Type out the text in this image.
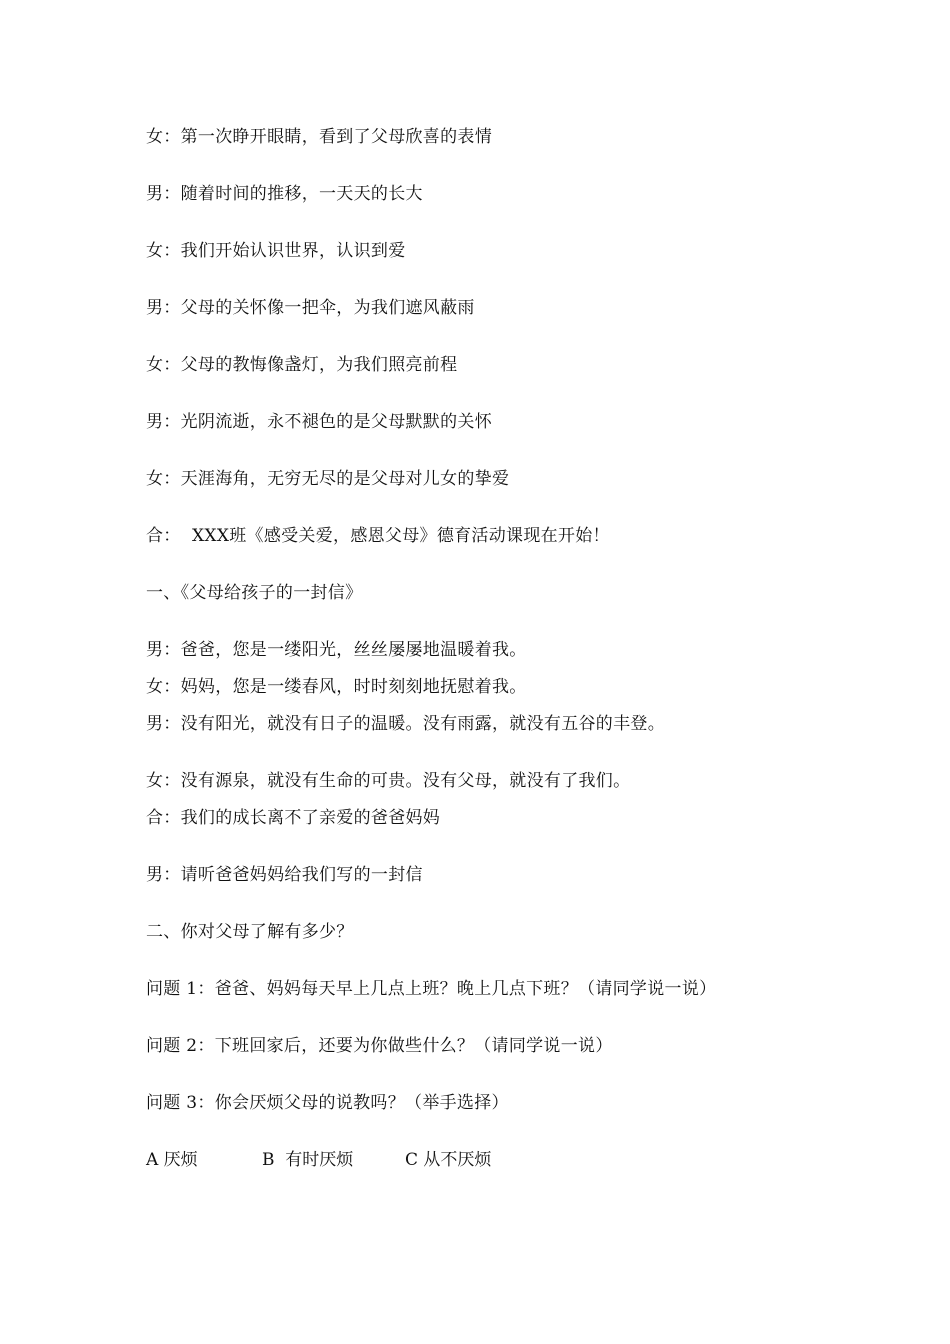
女：第一次睁开眼睛，看到了父母欣喜的表情
男：随着时间的推移，一天天的长大
女：我们开始认识世界，认识到爱
男：父母的关怀像一把伞，为我们遮风蔽雨
女：父母的教悔像盏灯，为我们照亮前程
男：光阴流逝，永不褪色的是父母默默的关怀
女：天涯海角，无穷无尽的是父母对儿女的挚爱
合：  XXX班《感受关爱，感恩父母》德育活动课现在开始！
一、《父母给孩子的一封信》
男：爸爸，您是一缕阳光，丝丝屡屡地温暖着我。
女：妈妈，您是一缕春风，时时刻刻地抚慰着我。
男：没有阳光，就没有日子的温暖。没有雨露，就没有五谷的丰登。
女：没有源泉，就没有生命的可贵。没有父母，就没有了我们。
合：我们的成长离不了亲爱的爸爸妈妈
男：请听爸爸妈妈给我们写的一封信
二、你对父母了解有多少？
问题 1：爸爸、妈妈每天早上几点上班？晚上几点下班？（请同学说一说）
问题 2：下班回家后，还要为你做些什么？（请同学说一说）
问题 3：你会厌烦父母的说教吗？（举手选择）
A 厌烦	B  有时厌烦	C 从不厌烦
